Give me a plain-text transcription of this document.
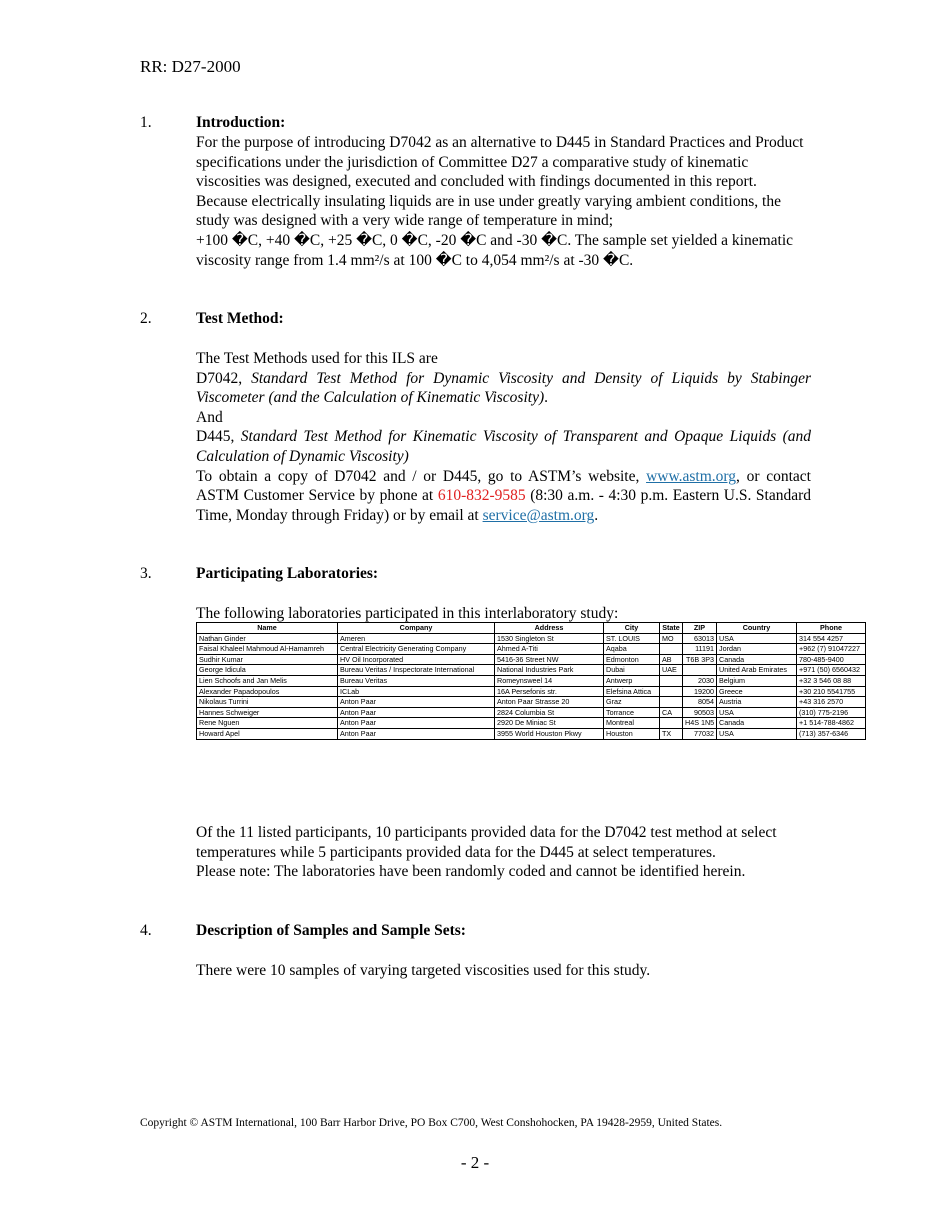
RR: D27-2000
1.	Introduction:
For the purpose of introducing D7042 as an alternative to D445 in Standard Practices and Product specifications under the jurisdiction of Committee D27 a comparative study of kinematic viscosities was designed, executed and concluded with findings documented in this report.
Because electrically insulating liquids are in use under greatly varying ambient conditions, the study was designed with a very wide range of temperature in mind;
+100 �C, +40 �C, +25 �C, 0 �C, -20 �C and -30 �C. The sample set yielded a kinematic viscosity range from 1.4 mm²/s at 100 �C to 4,054 mm²/s at -30 �C.
2.	Test Method:
The Test Methods used for this ILS are
D7042, Standard Test Method for Dynamic Viscosity and Density of Liquids by Stabinger Viscometer (and the Calculation of Kinematic Viscosity).
And
D445, Standard Test Method for Kinematic Viscosity of Transparent and Opaque Liquids (and Calculation of Dynamic Viscosity)
To obtain a copy of D7042 and / or D445, go to ASTM’s website, www.astm.org, or contact ASTM Customer Service by phone at 610-832-9585 (8:30 a.m. - 4:30 p.m. Eastern U.S. Standard Time, Monday through Friday) or by email at service@astm.org.
3.	Participating Laboratories:
The following laboratories participated in this interlaboratory study:
Name	Company	Address	City	State	ZIP	Country	Phone
Nathan Ginder	Ameren	1530 Singleton St	ST. LOUIS	MO	63013	USA	314 554 4257
Faisal Khaleel Mahmoud Al-Hamamreh	Central Electricity Generating Company	Ahmed A-Titi	Aqaba		11191	Jordan	+962 (7) 91047227
Sudhir Kumar	HV Oil Incorporated	5416-36 Street NW	Edmonton	AB	T6B 3P3	Canada	780-485-9400
George Idicula	Bureau Veritas / Inspectorate International	National Industries Park	Dubai	UAE		United Arab Emirates	+971 (50) 6560432
Lien Schoofs and Jan Melis	Bureau Veritas	Romeynsweel 14	Antwerp		2030	Belgium	+32 3 546 08 88
Alexander Papadopoulos	ICLab	16A Persefonis str.	Elefsina Attica		19200	Greece	+30 210 5541755
Nikolaus Turrini	Anton Paar	Anton Paar Strasse 20	Graz		8054	Austria	+43 316 2570
Hannes Schweiger	Anton Paar	2824 Columbia St	Torrance	CA	90503	USA	(310) 775-2196
Rene Nguen	Anton Paar	2920 De Miniac St	Montreal		H4S 1N5	Canada	+1 514-788-4862
Howard Apel	Anton Paar	3955 World Houston Pkwy	Houston	TX	77032	USA	(713) 357-6346
Of the 11 listed participants, 10 participants provided data for the D7042 test method at select temperatures while 5 participants provided data for the D445 at select temperatures.
Please note: The laboratories have been randomly coded and cannot be identified herein.
4.	Description of Samples and Sample Sets:
There were 10 samples of varying targeted viscosities used for this study.
Copyright © ASTM International, 100 Barr Harbor Drive, PO Box C700, West Conshohocken, PA 19428-2959, United States.
- 2 -
